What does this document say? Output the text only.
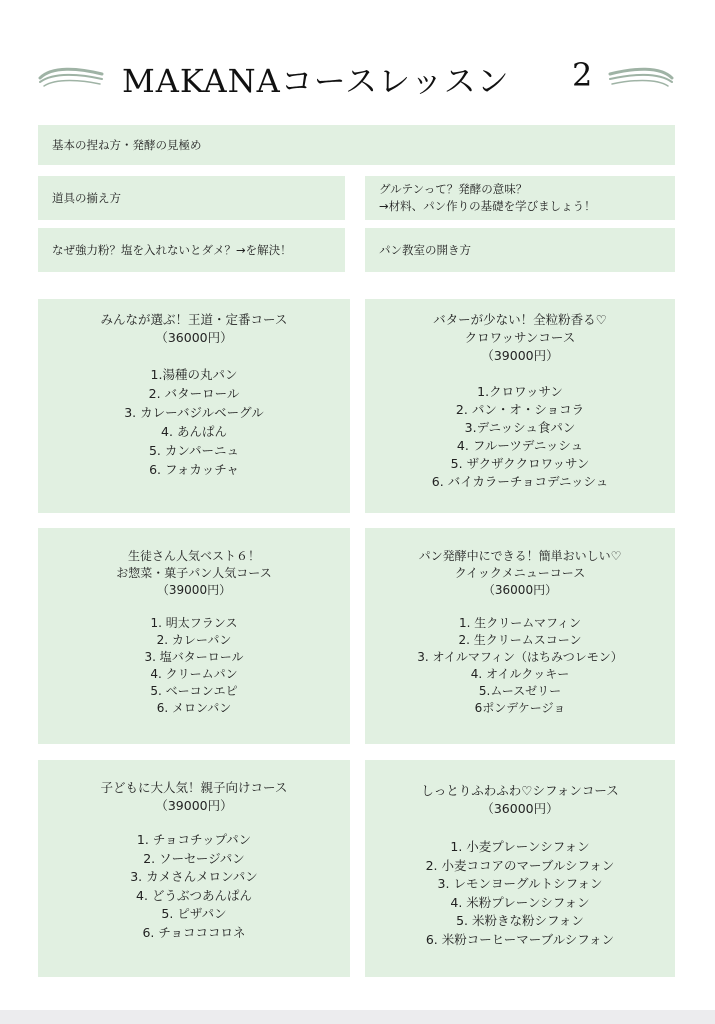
MAKANAコースレッスン 2
基本の捏ね方・発酵の見極め
道具の揃え方
グルテンって？発酵の意味？
→材料、パン作りの基礎を学びましょう！
なぜ強力粉？塩を入れないとダメ？→を解決！	パン教室の開き方
みんなが選ぶ！王道・定番コース
（36000円）
1.湯種の丸パン
2. バターロール
3. カレーバジルベーグル
4. あんぱん
5. カンパーニュ
6. フォカッチャ
バターが少ない！全粒粉香る♡
クロワッサンコース
（39000円）
1.クロワッサン
2. パン・オ・ショコラ
3.デニッシュ食パン
4. フルーツデニッシュ
5. ザクザククロワッサン
6. バイカラーチョコデニッシュ
生徒さん人気ベスト６！
お惣菜・菓子パン人気コース
（39000円）
1. 明太フランス
2. カレーパン
3. 塩バターロール
4. クリームパン
5. ベーコンエピ
6. メロンパン
パン発酵中にできる！簡単おいしい♡
クイックメニューコース
（36000円）
1. 生クリームマフィン
2. 生クリームスコーン
3. オイルマフィン（はちみつレモン）
4. オイルクッキー
5.ムースゼリー
6ポンデケージョ
子どもに大人気！親子向けコース
（39000円）
1. チョコチップパン
2. ソーセージパン
3. カメさんメロンパン
4. どうぶつあんぱん
5. ピザパン
6. チョコココロネ
しっとりふわふわ♡シフォンコース
（36000円）
1. 小麦プレーンシフォン
2. 小麦ココアのマーブルシフォン
3. レモンヨーグルトシフォン
4. 米粉プレーンシフォン
5. 米粉きな粉シフォン
6. 米粉コーヒーマーブルシフォン
